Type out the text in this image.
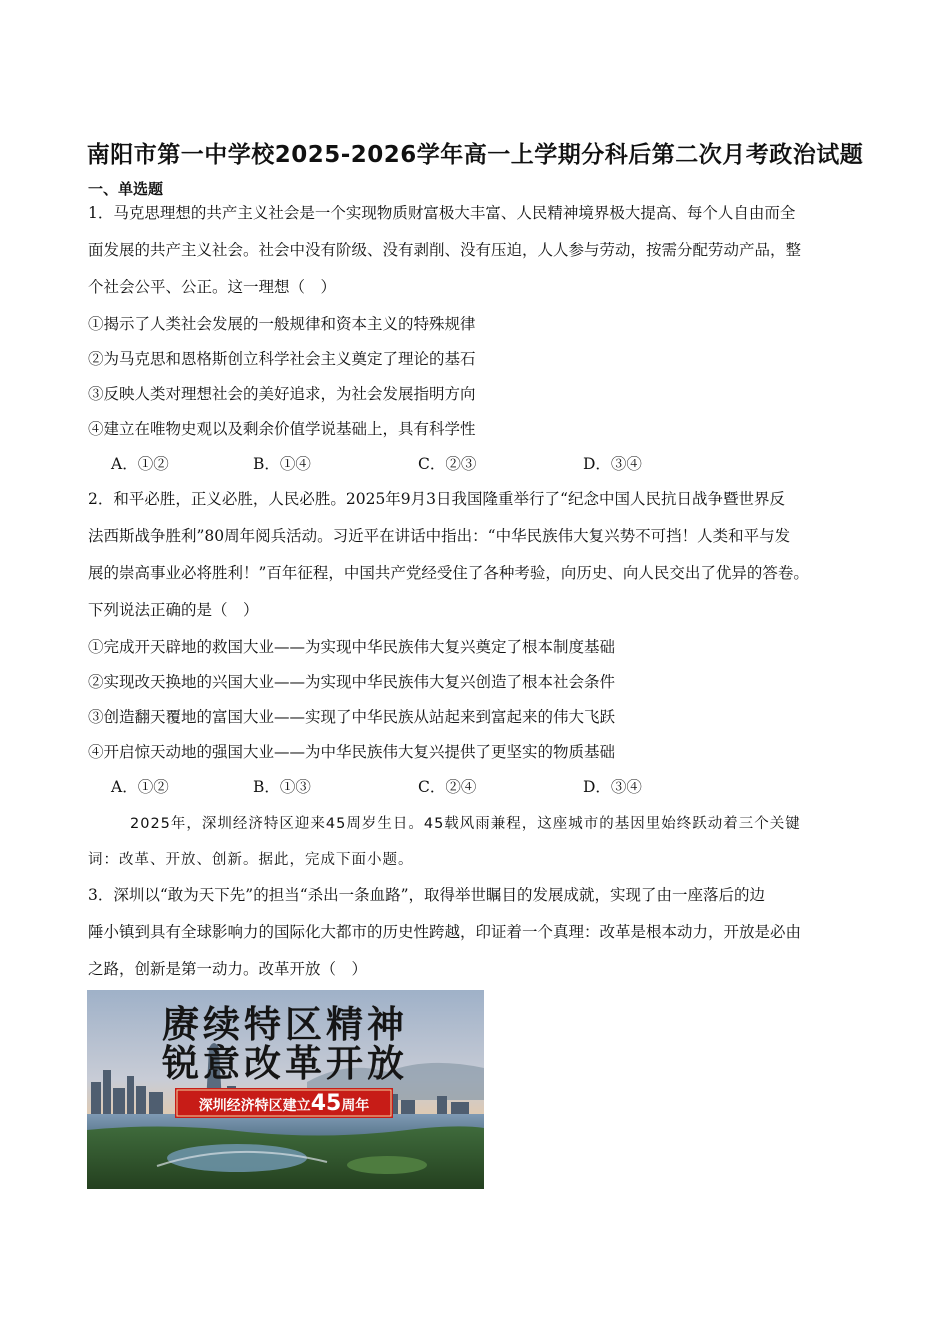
南阳市第一中学校2025-2026学年高一上学期分科后第二次月考政治试题
一、单选题
1．马克思理想的共产主义社会是一个实现物质财富极大丰富、人民精神境界极大提高、每个人自由而全
面发展的共产主义社会。社会中没有阶级、没有剥削、没有压迫，人人参与劳动，按需分配劳动产品，整
个社会公平、公正。这一理想（　）
①揭示了人类社会发展的一般规律和资本主义的特殊规律
②为马克思和恩格斯创立科学社会主义奠定了理论的基石
③反映人类对理想社会的美好追求，为社会发展指明方向
④建立在唯物史观以及剩余价值学说基础上，具有科学性
A．①②	B．①④	C．②③	D．③④
2．和平必胜，正义必胜，人民必胜。2025年9月3日我国隆重举行了“纪念中国人民抗日战争暨世界反
法西斯战争胜利”80周年阅兵活动。习近平在讲话中指出：“中华民族伟大复兴势不可挡！人类和平与发
展的崇高事业必将胜利！”百年征程，中国共产党经受住了各种考验，向历史、向人民交出了优异的答卷。
下列说法正确的是（　）
①完成开天辟地的救国大业——为实现中华民族伟大复兴奠定了根本制度基础
②实现改天换地的兴国大业——为实现中华民族伟大复兴创造了根本社会条件
③创造翻天覆地的富国大业——实现了中华民族从站起来到富起来的伟大飞跃
④开启惊天动地的强国大业——为中华民族伟大复兴提供了更坚实的物质基础
A．①②	B．①③	C．②④	D．③④
2025年，深圳经济特区迎来45周岁生日。45载风雨兼程，这座城市的基因里始终跃动着三个关键
词：改革、开放、创新。据此，完成下面小题。
3．深圳以“敢为天下先”的担当“杀出一条血路”，取得举世瞩目的发展成就，实现了由一座落后的边
陲小镇到具有全球影响力的国际化大都市的历史性跨越，印证着一个真理：改革是根本动力，开放是必由
之路，创新是第一动力。改革开放（　）
赓续特区精神
锐意改革开放
深圳经济特区建立45周年
